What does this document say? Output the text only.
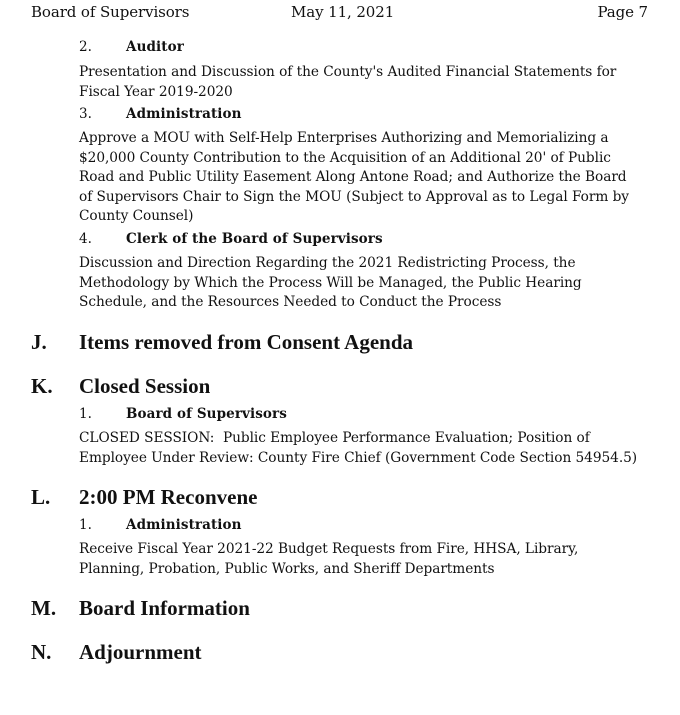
Board of Supervisors	May 11, 2021	Page 7
2.	Auditor
Presentation and Discussion of the County's Audited Financial Statements for
Fiscal Year 2019-2020
3.	Administration
Approve a MOU with Self-Help Enterprises Authorizing and Memorializing a
$20,000 County Contribution to the Acquisition of an Additional 20' of Public
Road and Public Utility Easement Along Antone Road; and Authorize the Board
of Supervisors Chair to Sign the MOU (Subject to Approval as to Legal Form by
County Counsel)
4.	Clerk of the Board of Supervisors
Discussion and Direction Regarding the 2021 Redistricting Process, the
Methodology by Which the Process Will be Managed, the Public Hearing
Schedule, and the Resources Needed to Conduct the Process
J. Items removed from Consent Agenda
K. Closed Session
1.	Board of Supervisors
CLOSED SESSION:  Public Employee Performance Evaluation; Position of
Employee Under Review: County Fire Chief (Government Code Section 54954.5)
L. 2:00 PM Reconvene
1.	Administration
Receive Fiscal Year 2021-22 Budget Requests from Fire, HHSA, Library,
Planning, Probation, Public Works, and Sheriff Departments
M. Board Information
N. Adjournment
